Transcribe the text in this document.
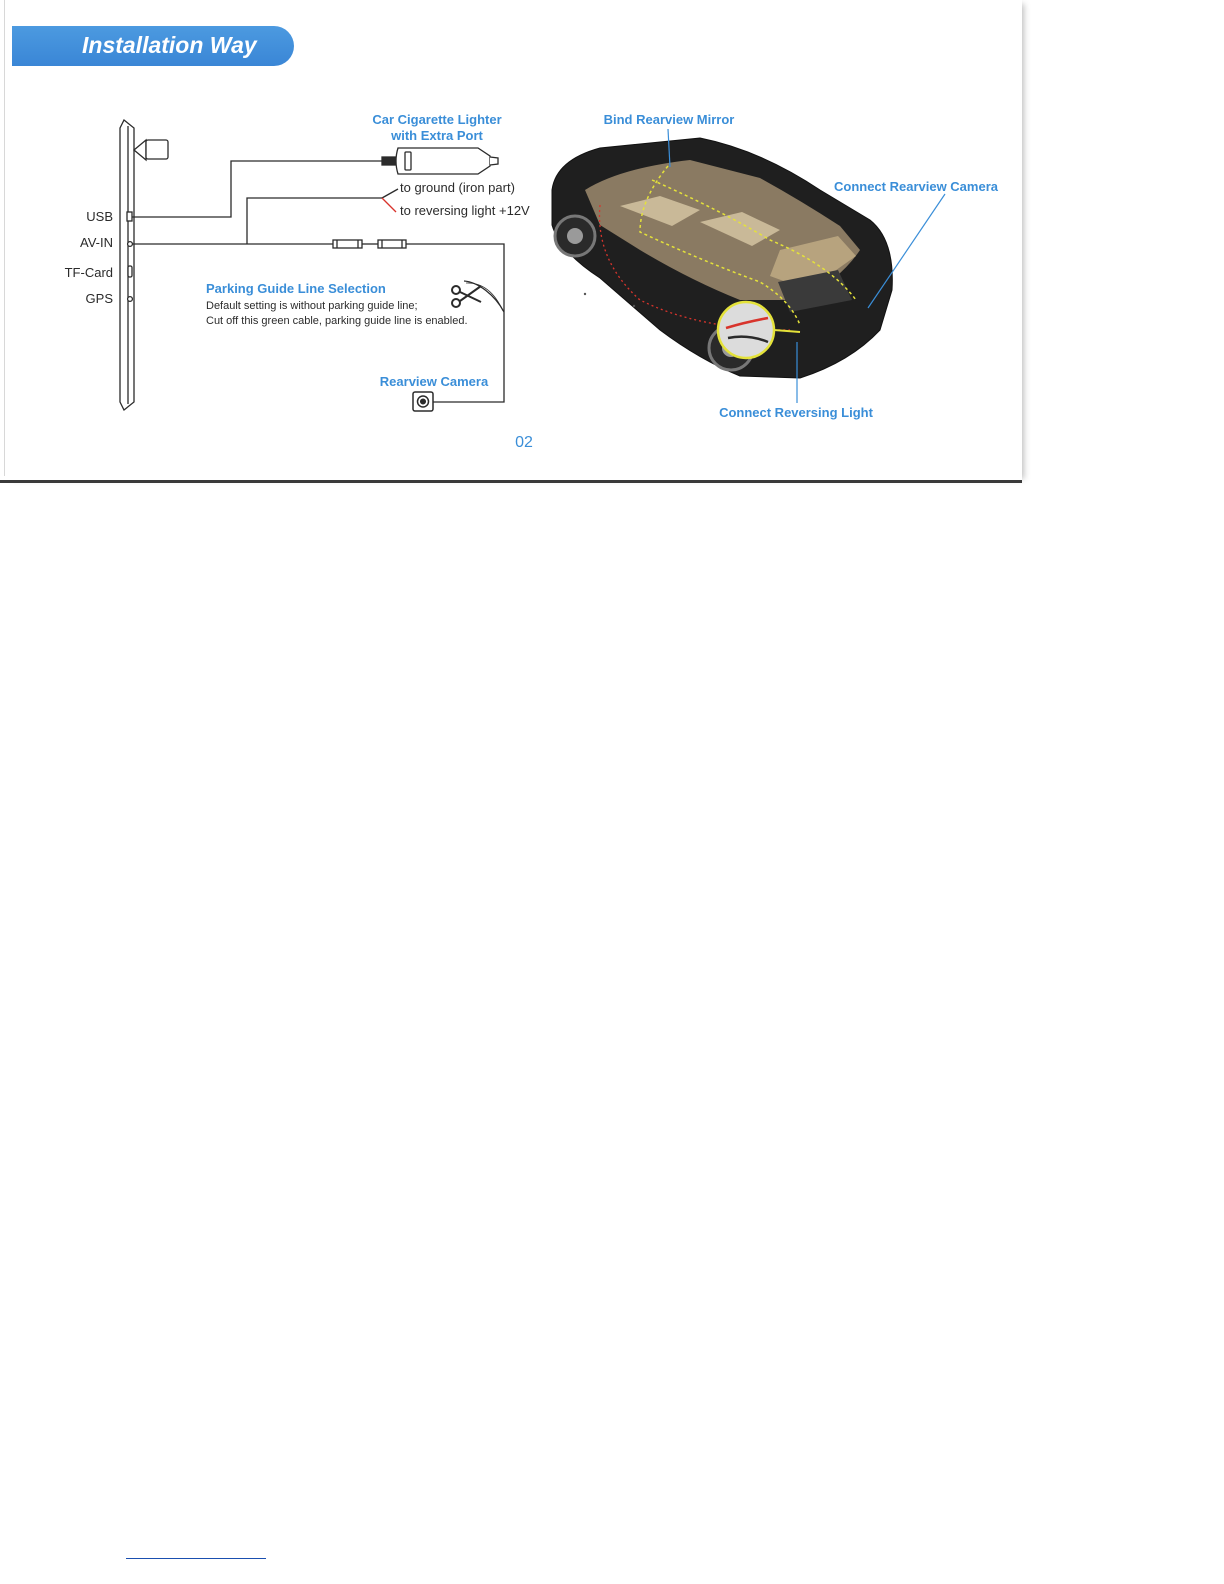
Installation Way
USB
AV-IN
TF-Card
GPS
Car Cigarette Lighter
with Extra Port
to ground (iron part)
to reversing light +12V
Parking Guide Line Selection
Default setting is without parking guide line;
Cut off this green cable, parking guide line is enabled.
Rearview Camera
Bind Rearview Mirror
Connect Rearview Camera
Connect Reversing Light
02
